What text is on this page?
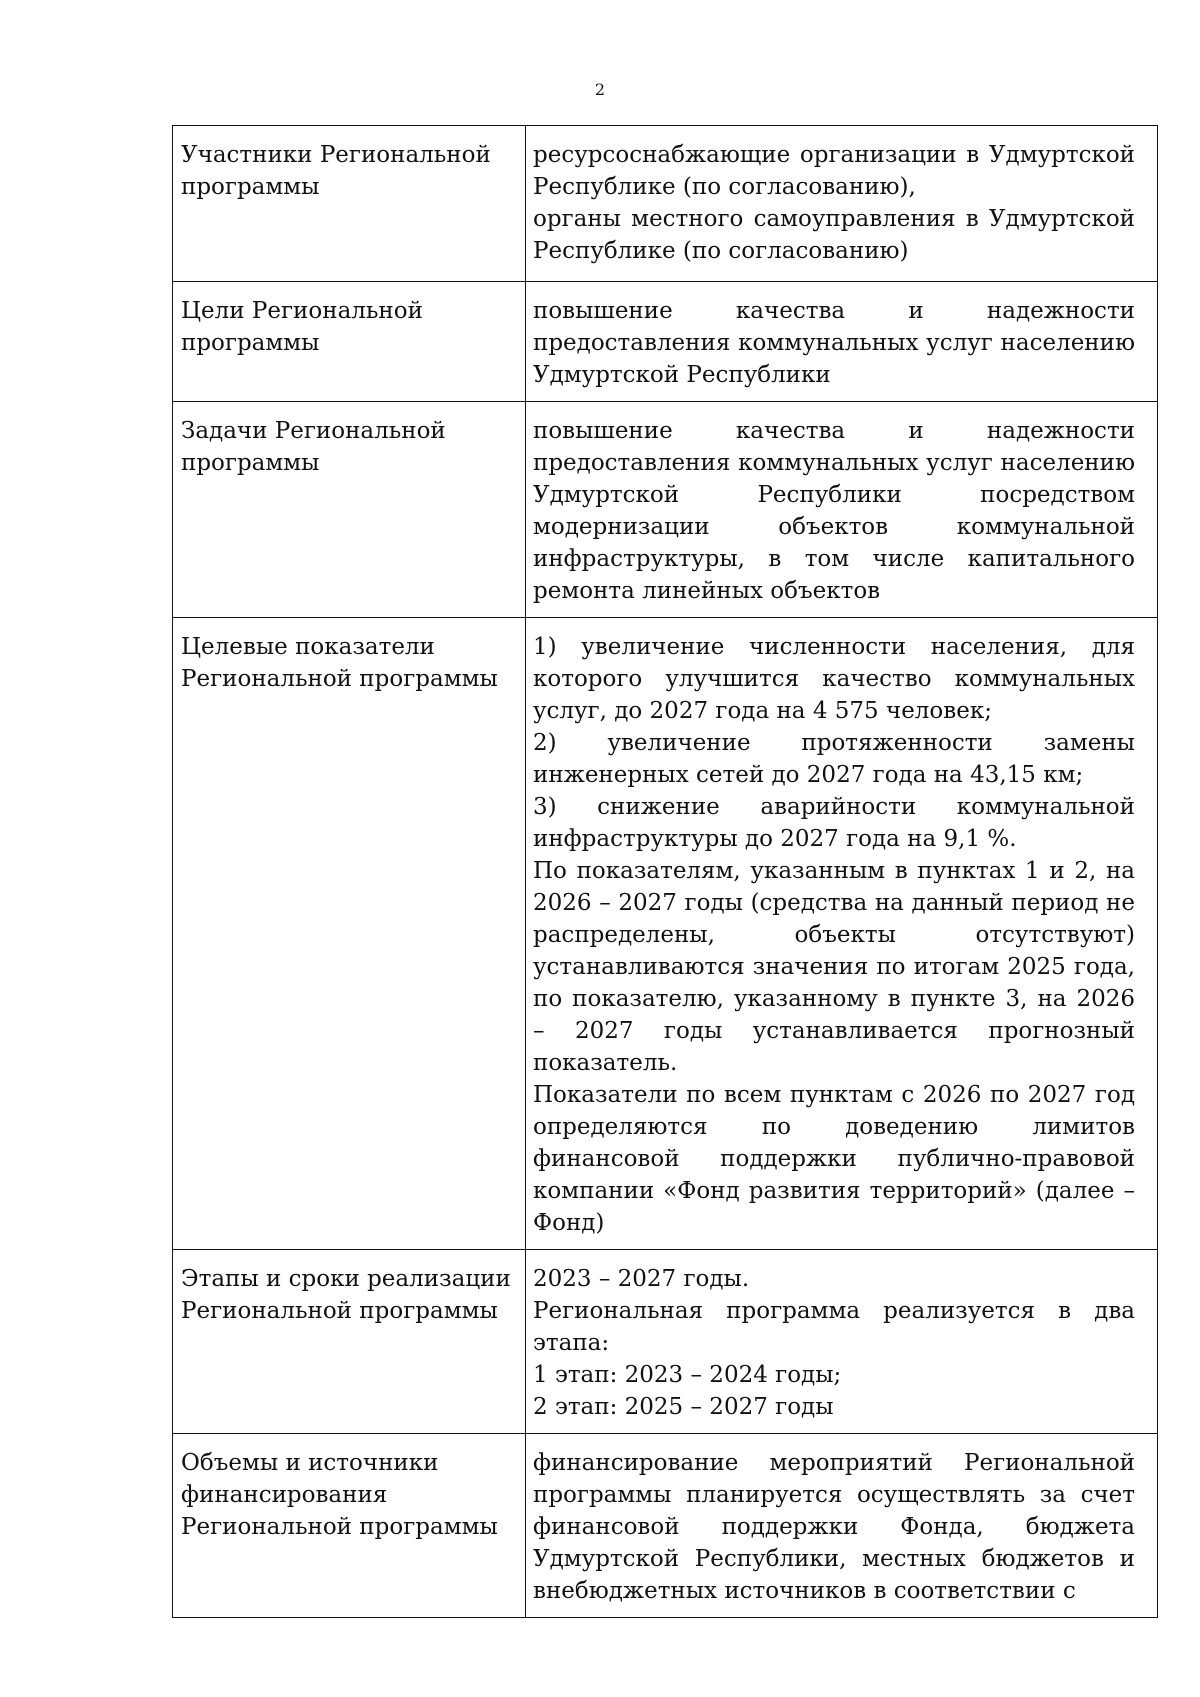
2
Участники Региональной программы	ресурсоснабжающие организации в Удмуртской Республике (по согласованию),
органы местного самоуправления в Удмуртской Республике (по согласованию)

Цели Региональной программы	повышение качества и надежности предоставления коммунальных услуг населению Удмуртской Республики

Задачи Региональной программы	повышение качества и надежности предоставления коммунальных услуг населению Удмуртской Республики посредством модернизации объектов коммунальной инфраструктуры, в том числе капитального ремонта линейных объектов

Целевые показатели Региональной программы	1) увеличение численности населения, для которого улучшится качество коммунальных услуг, до 2027 года на 4 575 человек;
2) увеличение протяженности замены инженерных сетей до 2027 года на 43,15 км;
3) снижение аварийности коммунальной инфраструктуры до 2027 года на 9,1 %.
По показателям, указанным в пунктах 1 и 2, на 2026 – 2027 годы (средства на данный период не распределены, объекты отсутствуют) устанавливаются значения по итогам 2025 года, по показателю, указанному в пункте 3, на 2026 – 2027 годы устанавливается прогнозный показатель.
Показатели по всем пунктам с 2026 по 2027 год определяются по доведению лимитов финансовой поддержки публично-правовой компании «Фонд развития территорий» (далее – Фонд)

Этапы и сроки реализации Региональной программы	2023 – 2027 годы.
Региональная программа реализуется в два этапа:
1 этап: 2023 – 2024 годы;
2 этап: 2025 – 2027 годы

Объемы и источники финансирования Региональной программы	финансирование мероприятий Региональной программы планируется осуществлять за счет финансовой поддержки Фонда, бюджета Удмуртской Республики, местных бюджетов и внебюджетных источников в соответствии с
